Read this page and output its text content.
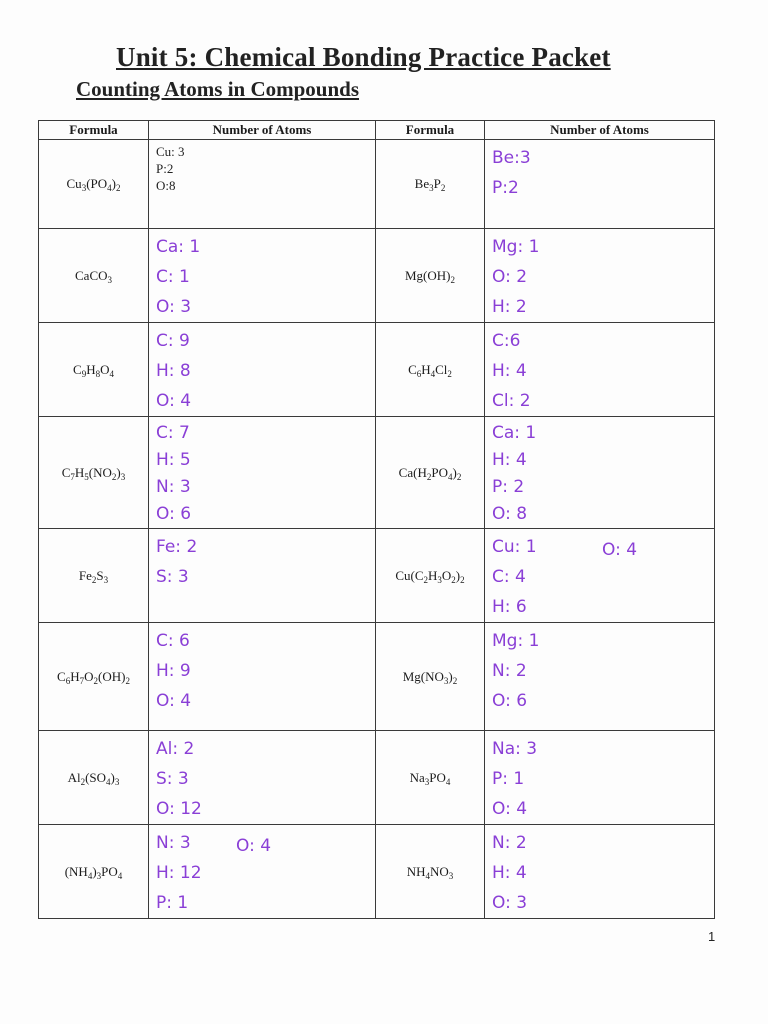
Unit 5: Chemical Bonding Practice Packet
Counting Atoms in Compounds
Formula	Number of Atoms	Formula	Number of Atoms
$Cu_3(PO_4)_2$	Cu: 3
P:2
O:8	$Be_3P_2$	Be:3
P:2

CaCO$_3$	Ca: 1
C: 1
O: 3	$Mg(OH)_2$	Mg: 1
O: 2
H: 2

$C_9H_8O_4$	C: 9
H: 8
O: 4	$C_6H_4Cl_2$	C:6
H: 4
Cl: 2

$C_7H_5(NO_2)_3$	C: 7
H: 5
N: 3
O: 6	$Ca(H_2PO_4)_2$	Ca: 1
H: 4
P: 2
O: 8

$Fe_2S_3$	Fe: 2
S: 3	$Cu(C_2H_3O_2)_2$	Cu: 1
C: 4
H: 6
O: 4

$C_6H_7O_2(OH)_2$	C: 6
H: 9
O: 4	$Mg(NO_3)_2$	Mg: 1
N: 2
O: 6

$Al_2(SO_4)_3$	Al: 2
S: 3
O: 12	$Na_3PO_4$	Na: 3
P: 1
O: 4

$(NH_4)_3PO_4$	N: 3
H: 12
P: 1
O: 4	$NH_4NO_3$	N: 2
H: 4
O: 3
1
